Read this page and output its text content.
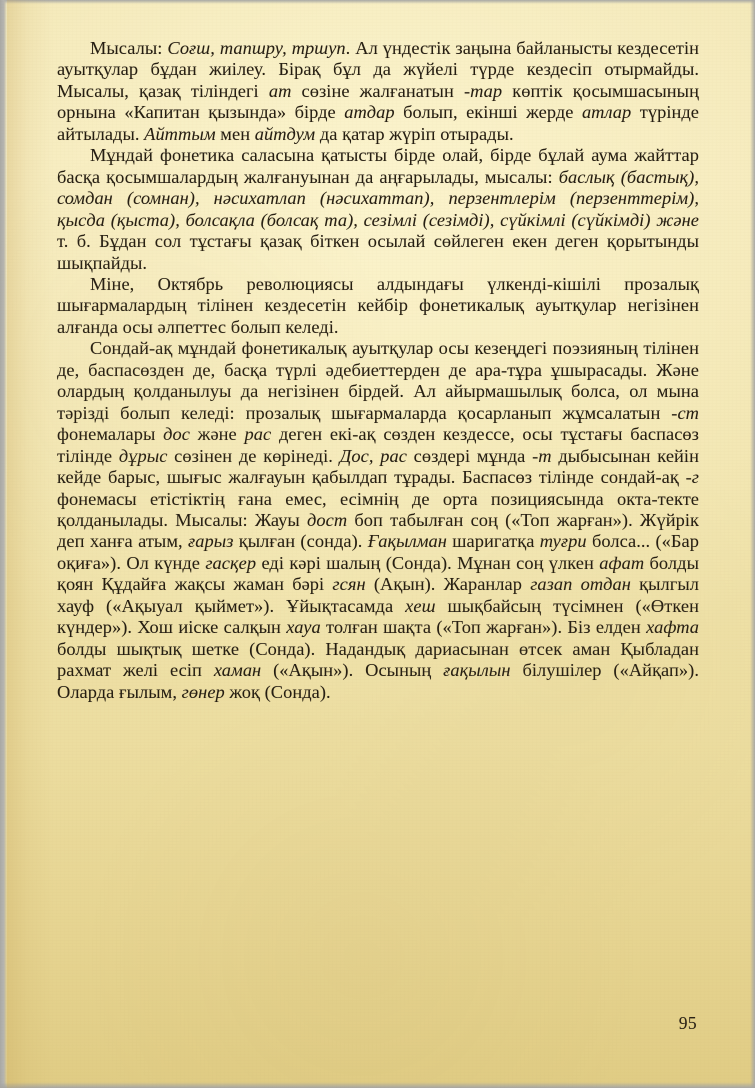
Мысалы: Соғш, тапшру, тршуп. Ал үндестік заңына байланысты кездесетін ауытқулар бұдан жиілеу. Бірақ бұл да жүйелі түрде кездесіп отырмайды. Мысалы, қазақ тіліндегі ат сөзіне жалғанатын -тар көптік қосымшасының орнына «Капитан қызында» бірде атдар болып, екінші жерде атлар түрінде айтылады. Айттым мен айтдум да қатар жүріп отырады.

Мұндай фонетика саласына қатысты бірде олай, бірде бұлай аума жайттар басқа қосымшалардың жалғануынан да аңғарылады, мысалы: баслық (бастық), сомдан (сомнан), нәсихатлап (нәсихаттап), перзентлерім (перзенттерім), қысда (қыста), болсақла (болсақ та), сезімлі (сезімді), сүйкімлі (сүйкімді) және т. б. Бұдан сол тұстағы қазақ біткен осылай сөйлеген екен деген қорытынды шықпайды.

Міне, Октябрь революциясы алдындағы үлкенді-кішілі прозалық шығармалардың тілінен кездесетін кейбір фонетикалық ауытқулар негізінен алғанда осы әлпеттес болып келеді.

Сондай-ақ мұндай фонетикалық ауытқулар осы кезеңдегі поэзияның тілінен де, баспасөзден де, басқа түрлі әдебиеттерден де ара-тұра ұшырасады. Және олардың қолданылуы да негізінен бірдей. Ал айырмашылық болса, ол мына тәрізді болып келеді: прозалық шығармаларда қосарланып жұмсалатын -ст фонемалары дос және рас деген екі-ақ сөзден кездессе, осы тұстағы баспасөз тілінде дұрыс сөзінен де көрінеді. Дос, рас сөздері мұнда -т дыбысынан кейін кейде барыс, шығыс жалғауын қабылдап тұрады. Баспасөз тілінде сондай-ақ -г фонемасы етістіктің ғана емес, есімнің де орта позициясында окта-текте қолданылады. Мысалы: Жауы дост боп табылған соң («Топ жарған»). Жүйрік деп ханға атым, ғарыз қылған (сонда). Ғақылман шаригатқа туғри болса... («Бар оқиға»). Ол күнде гасқер еді кәрі шалың (Сонда). Мұнан соң үлкен афат болды қоян Құдайға жақсы жаман бәрі гсян (Ақын). Жаранлар газап отдан қылгыл хауф («Ақыуал қыймет»). Ұйықтасамда хеш шықбайсың түсімнен («Өткен күндер»). Хош иіске салқын хауа толған шақта («Топ жарған»). Біз елден хафта болды шықтық шетке (Сонда). Надандық дариасынан өтсек аман Қыбладан рахмат желі есіп хаман («Ақын»). Осының ғақылын білушілер («Айқап»). Оларда ғылым, гөнер жоқ (Сонда).

95
